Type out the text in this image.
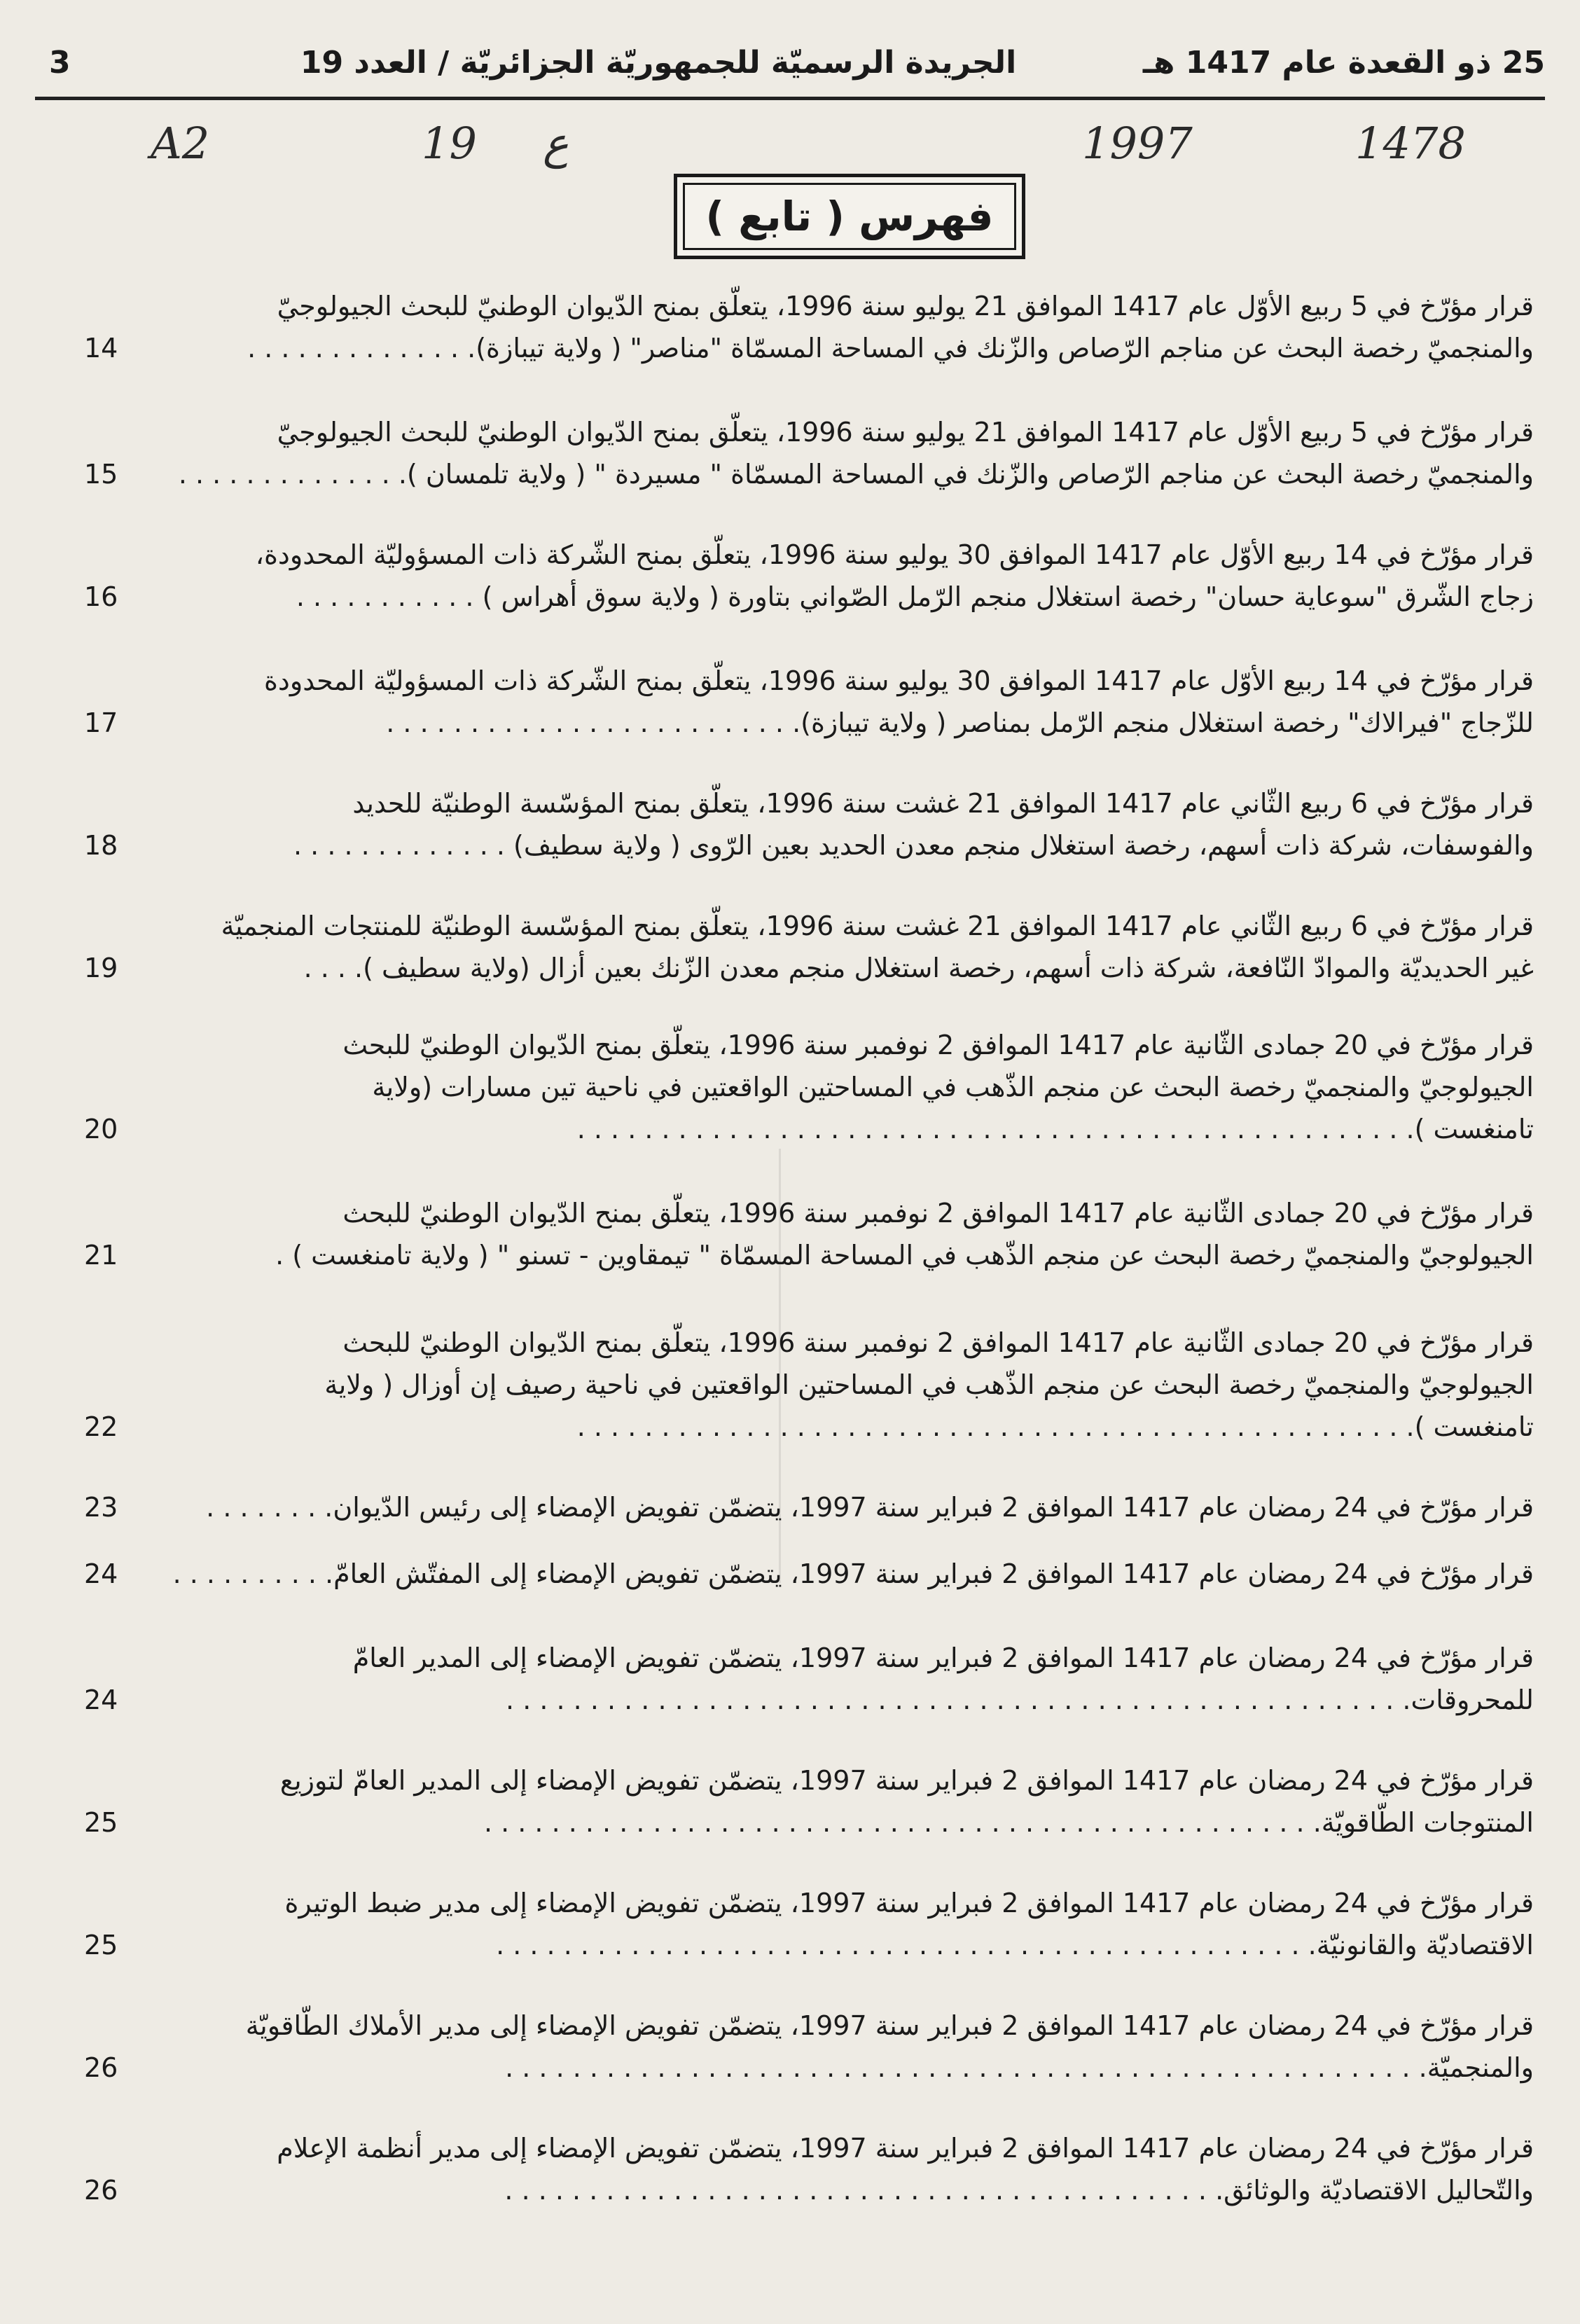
25 ذو القعدة عام 1417 هـ  الجريدة الرسميّة للجمهوريّة الجزائريّة / العدد 19
3
A2	19 ع	1997	1478
فهرس ( تابع )
قرار مؤرّخ في 5 ربيع الأوّل عام 1417 الموافق 21 يوليو سنة 1996، يتعلّق بمنح الدّيوان الوطنيّ للبحث الجيولوجيّ
والمنجميّ رخصة البحث عن مناجم الرّصاص والزّنك في المساحة المسمّاة "مناصر" ( ولاية تيبازة). . . . . . . . . . . . . .
14
قرار مؤرّخ في 5 ربيع الأوّل عام 1417 الموافق 21 يوليو سنة 1996، يتعلّق بمنح الدّيوان الوطنيّ للبحث الجيولوجيّ
والمنجميّ رخصة البحث عن مناجم الرّصاص والزّنك في المساحة المسمّاة " مسيردة " ( ولاية تلمسان ). . . . . . . . . . . . . .
15
قرار مؤرّخ في 14 ربيع الأوّل عام 1417 الموافق 30 يوليو سنة 1996، يتعلّق بمنح الشّركة ذات المسؤوليّة المحدودة،
زجاج الشّرق "سوعاية حسان" رخصة استغلال منجم الرّمل الصّواني بتاورة ( ولاية سوق أهراس ) . . . . . . . . . . .
16
قرار مؤرّخ في 14 ربيع الأوّل عام 1417 الموافق 30 يوليو سنة 1996، يتعلّق بمنح الشّركة ذات المسؤوليّة المحدودة
للزّجاج "فيرالاك" رخصة استغلال منجم الرّمل بمناصر ( ولاية تيبازة). . . . . . . . . . . . . . . . . . . . . . . . .
17
قرار مؤرّخ في 6 ربيع الثّاني عام 1417 الموافق 21 غشت سنة 1996، يتعلّق بمنح المؤسّسة الوطنيّة للحديد
والفوسفات، شركة ذات أسهم، رخصة استغلال منجم معدن الحديد بعين الرّوى ( ولاية سطيف) . . . . . . . . . . . . .
18
قرار مؤرّخ في 6 ربيع الثّاني عام 1417 الموافق 21 غشت سنة 1996، يتعلّق بمنح المؤسّسة الوطنيّة للمنتجات المنجميّة
غير الحديديّة والموادّ النّافعة، شركة ذات أسهم، رخصة استغلال منجم معدن الزّنك بعين أزال (ولاية سطيف ). . . .
19
قرار مؤرّخ في 20 جمادى الثّانية عام 1417 الموافق 2 نوفمبر سنة 1996، يتعلّق بمنح الدّيوان الوطنيّ للبحث
الجيولوجيّ والمنجميّ رخصة البحث عن منجم الذّهب في المساحتين الواقعتين في ناحية تين مسارات (ولاية
تامنغست ). . . . . . . . . . . . . . . . . . . . . . . . . . . . . . . . . . . . . . . . . . . . . . . . . .
20
قرار مؤرّخ في 20 جمادى الثّانية عام 1417 الموافق 2 نوفمبر سنة 1996، يتعلّق بمنح الدّيوان الوطنيّ للبحث
الجيولوجيّ والمنجميّ رخصة البحث عن منجم الذّهب في المساحة المسمّاة " تيمقاوين - تسنو " ( ولاية تامنغست ) .
21
قرار مؤرّخ في 20 جمادى الثّانية عام 1417 الموافق 2 نوفمبر سنة 1996، يتعلّق بمنح الدّيوان الوطنيّ للبحث
الجيولوجيّ والمنجميّ رخصة البحث عن منجم الذّهب في المساحتين الواقعتين في ناحية رصيف إن أوزال ( ولاية
تامنغست ). . . . . . . . . . . . . . . . . . . . . . . . . . . . . . . . . . . . . . . . . . . . . . . . . .
22
قرار مؤرّخ في 24 رمضان عام 1417 الموافق 2 فبراير سنة 1997، يتضمّن تفويض الإمضاء إلى رئيس الدّيوان. . . . . . . .
23
قرار مؤرّخ في 24 رمضان عام 1417 الموافق 2 فبراير سنة 1997، يتضمّن تفويض الإمضاء إلى المفتّش العامّ. . . . . . . . . .
24
قرار مؤرّخ في 24 رمضان عام 1417 الموافق 2 فبراير سنة 1997، يتضمّن تفويض الإمضاء إلى المدير العامّ
للمحروقات. . . . . . . . . . . . . . . . . . . . . . . . . . . . . . . . . . . . . . . . . . . . . . . . . . . . . .
24
قرار مؤرّخ في 24 رمضان عام 1417 الموافق 2 فبراير سنة 1997، يتضمّن تفويض الإمضاء إلى المدير العامّ لتوزيع
المنتوجات الطّاقويّة. . . . . . . . . . . . . . . . . . . . . . . . . . . . . . . . . . . . . . . . . . . . . . . . . .
25
قرار مؤرّخ في 24 رمضان عام 1417 الموافق 2 فبراير سنة 1997، يتضمّن تفويض الإمضاء إلى مدير ضبط الوتيرة
الاقتصاديّة والقانونيّة. . . . . . . . . . . . . . . . . . . . . . . . . . . . . . . . . . . . . . . . . . . . . . . . .
25
قرار مؤرّخ في 24 رمضان عام 1417 الموافق 2 فبراير سنة 1997، يتضمّن تفويض الإمضاء إلى مدير الأملاك الطّاقويّة
والمنجميّة. . . . . . . . . . . . . . . . . . . . . . . . . . . . . . . . . . . . . . . . . . . . . . . . . . . . . . .
26
قرار مؤرّخ في 24 رمضان عام 1417 الموافق 2 فبراير سنة 1997، يتضمّن تفويض الإمضاء إلى مدير أنظمة الإعلام
والتّحاليل الاقتصاديّة والوثائق. . . . . . . . . . . . . . . . . . . . . . . . . . . . . . . . . . . . . . . . . . .
26
